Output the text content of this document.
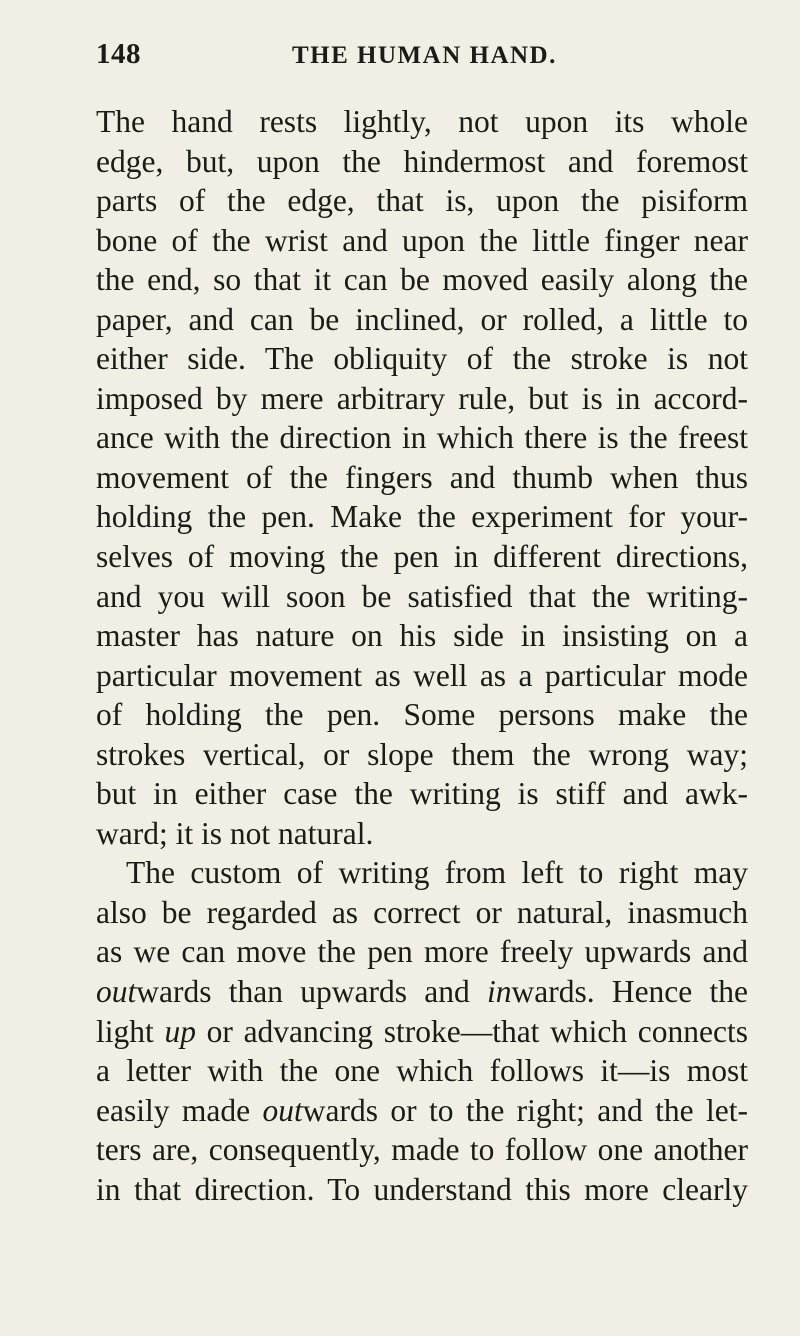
148	THE HUMAN HAND.
The hand rests lightly, not upon its whole
edge, but, upon the hindermost and foremost
parts of the edge, that is, upon the pisiform
bone of the wrist and upon the little finger near
the end, so that it can be moved easily along the
paper, and can be inclined, or rolled, a little to
either side. The obliquity of the stroke is not
imposed by mere arbitrary rule, but is in accord-
ance with the direction in which there is the freest
movement of the fingers and thumb when thus
holding the pen. Make the experiment for your-
selves of moving the pen in different directions,
and you will soon be satisfied that the writing-
master has nature on his side in insisting on a
particular movement as well as a particular mode
of holding the pen. Some persons make the
strokes vertical, or slope them the wrong way;
but in either case the writing is stiff and awk-
ward; it is not natural.
The custom of writing from left to right may
also be regarded as correct or natural, inasmuch
as we can move the pen more freely upwards and
outwards than upwards and inwards. Hence the
light up or advancing stroke—that which connects
a letter with the one which follows it—is most
easily made outwards or to the right; and the let-
ters are, consequently, made to follow one another
in that direction. To understand this more clearly
